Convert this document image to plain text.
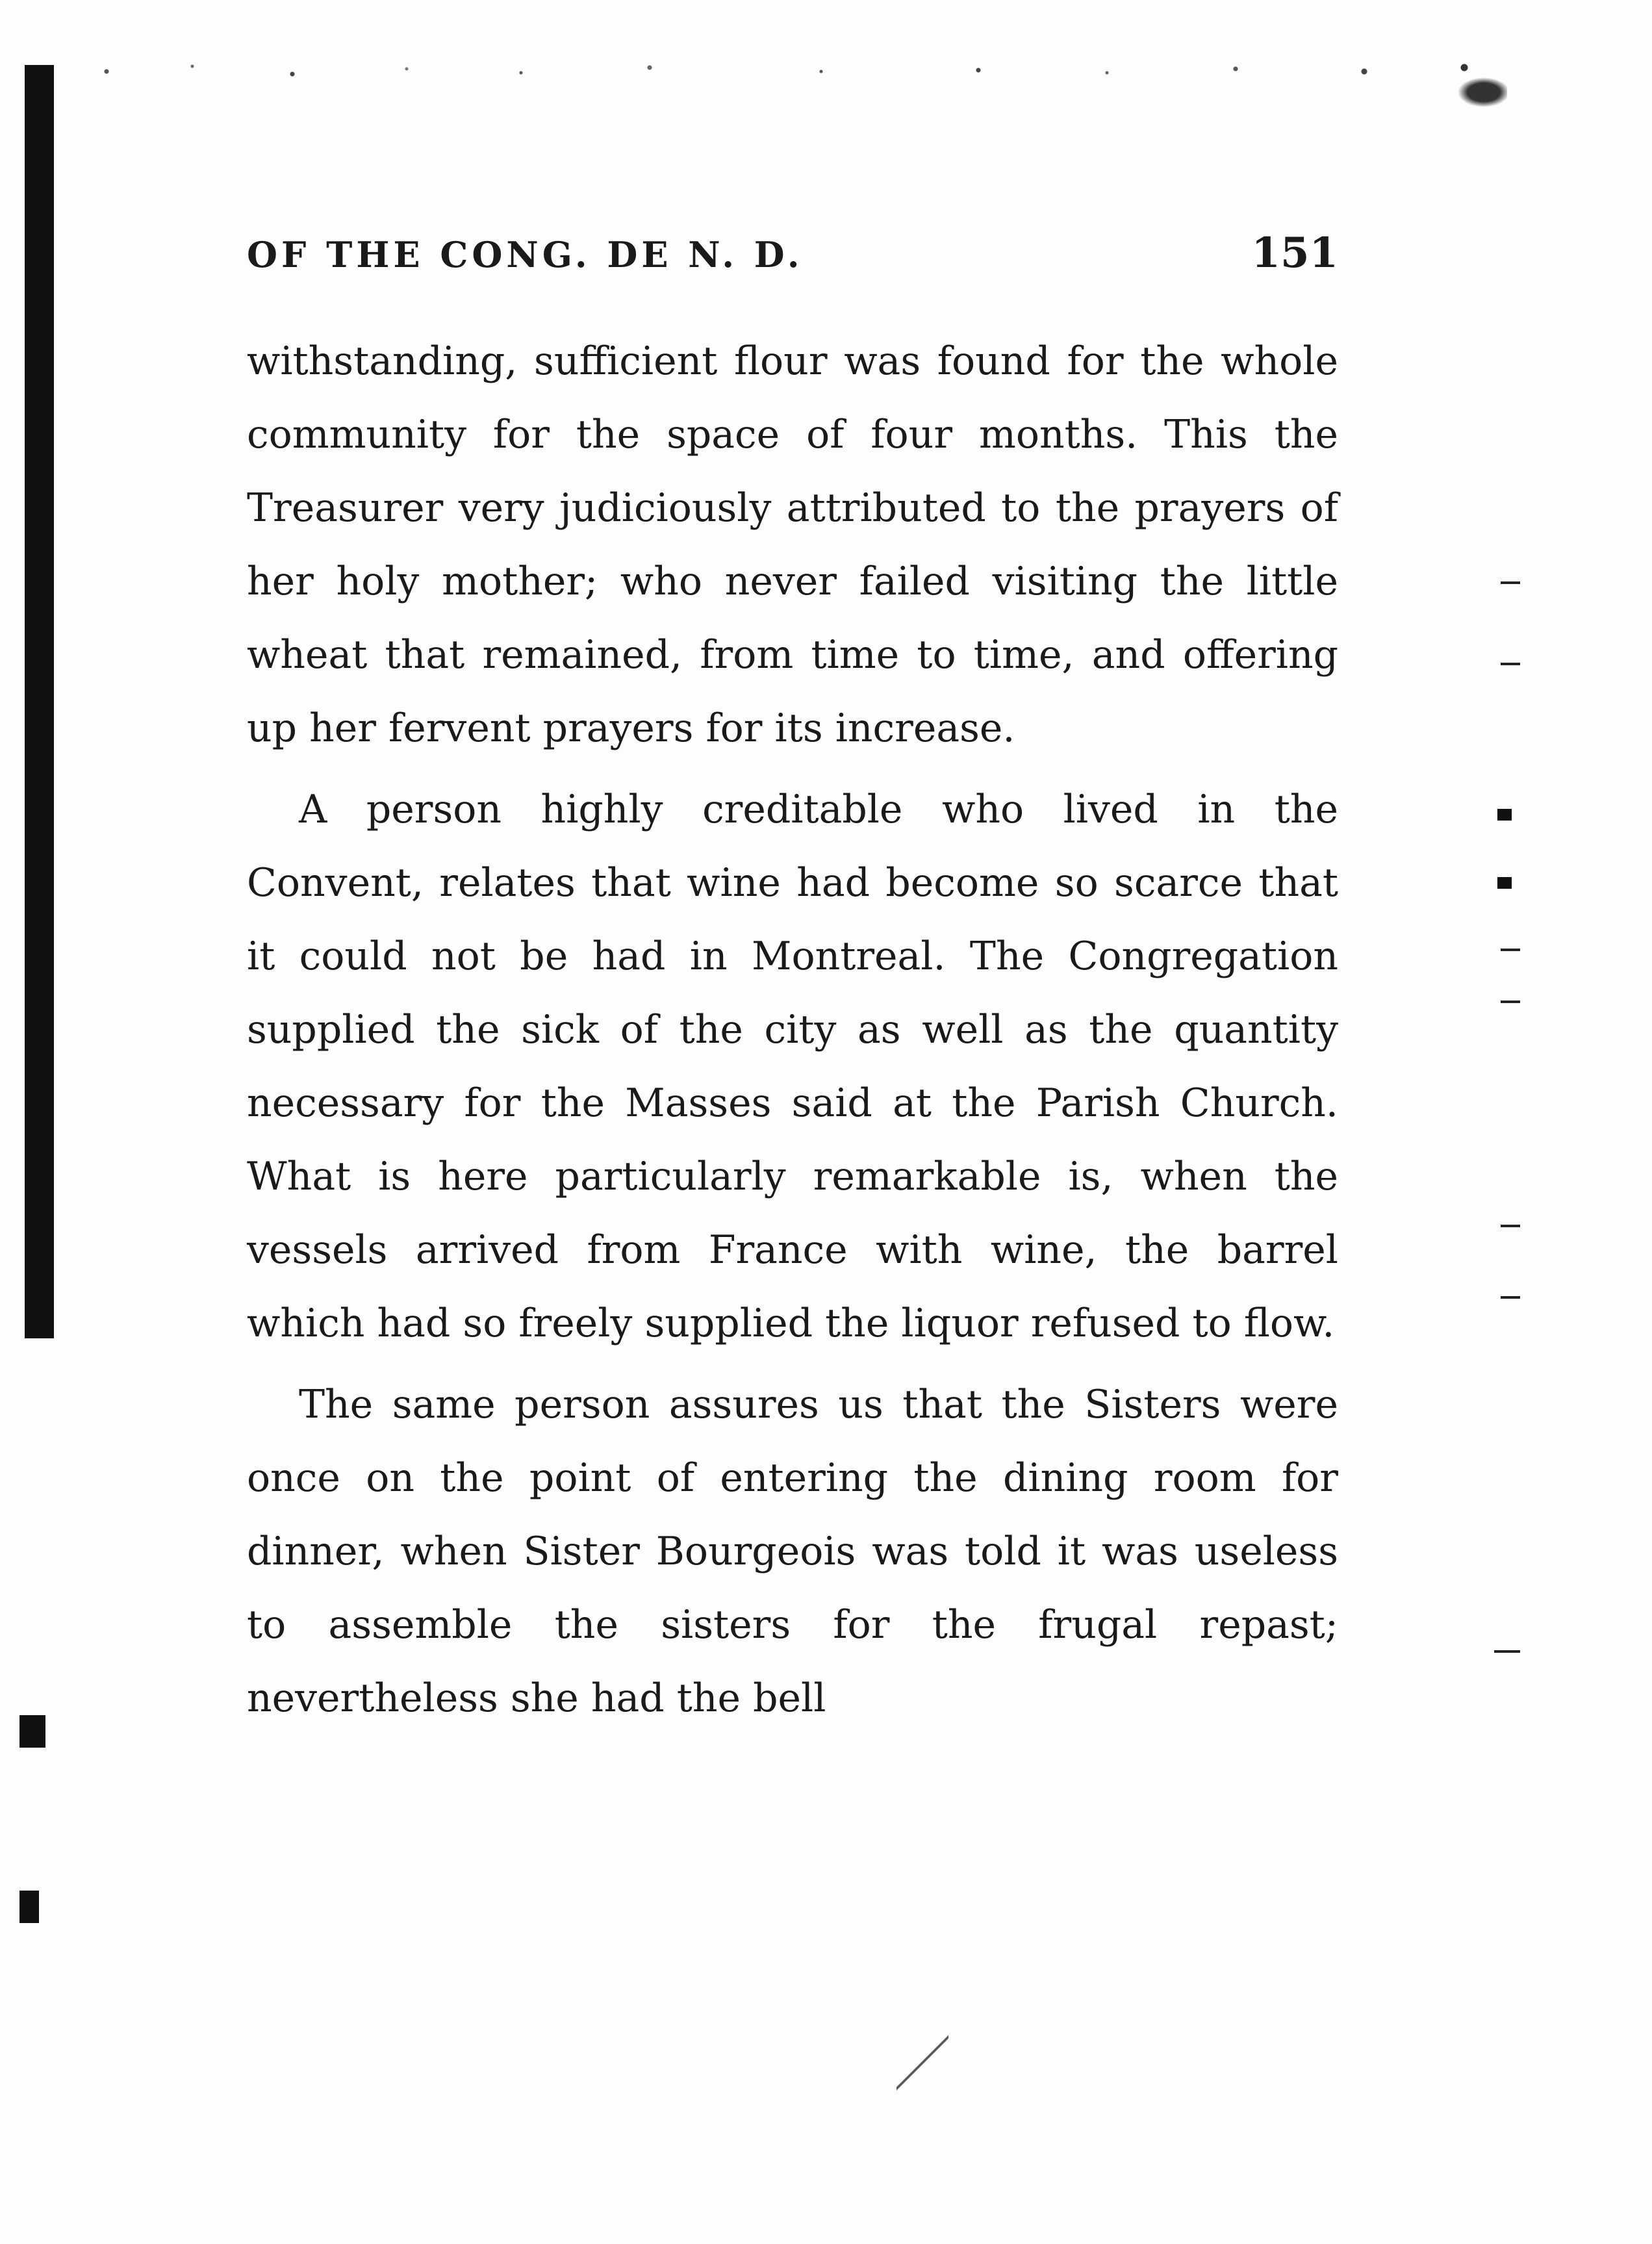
OF THE CONG. DE N. D.	151

withstanding, sufficient flour was found for the whole community for the space of four months. This the Treasurer very judiciously attributed to the prayers of her holy mother; who never failed visiting the little wheat that remained, from time to time, and offering up her fervent prayers for its increase.

A person highly creditable who lived in the Convent, relates that wine had become so scarce that it could not be had in Montreal. The Congregation supplied the sick of the city as well as the quantity necessary for the Masses said at the Parish Church. What is here particularly remarkable is, when the vessels arrived from France with wine, the barrel which had so freely supplied the liquor refused to flow.

The same person assures us that the Sisters were once on the point of entering the dining room for dinner, when Sister Bourgeois was told it was useless to assemble the sisters for the frugal repast; nevertheless she had the bell
